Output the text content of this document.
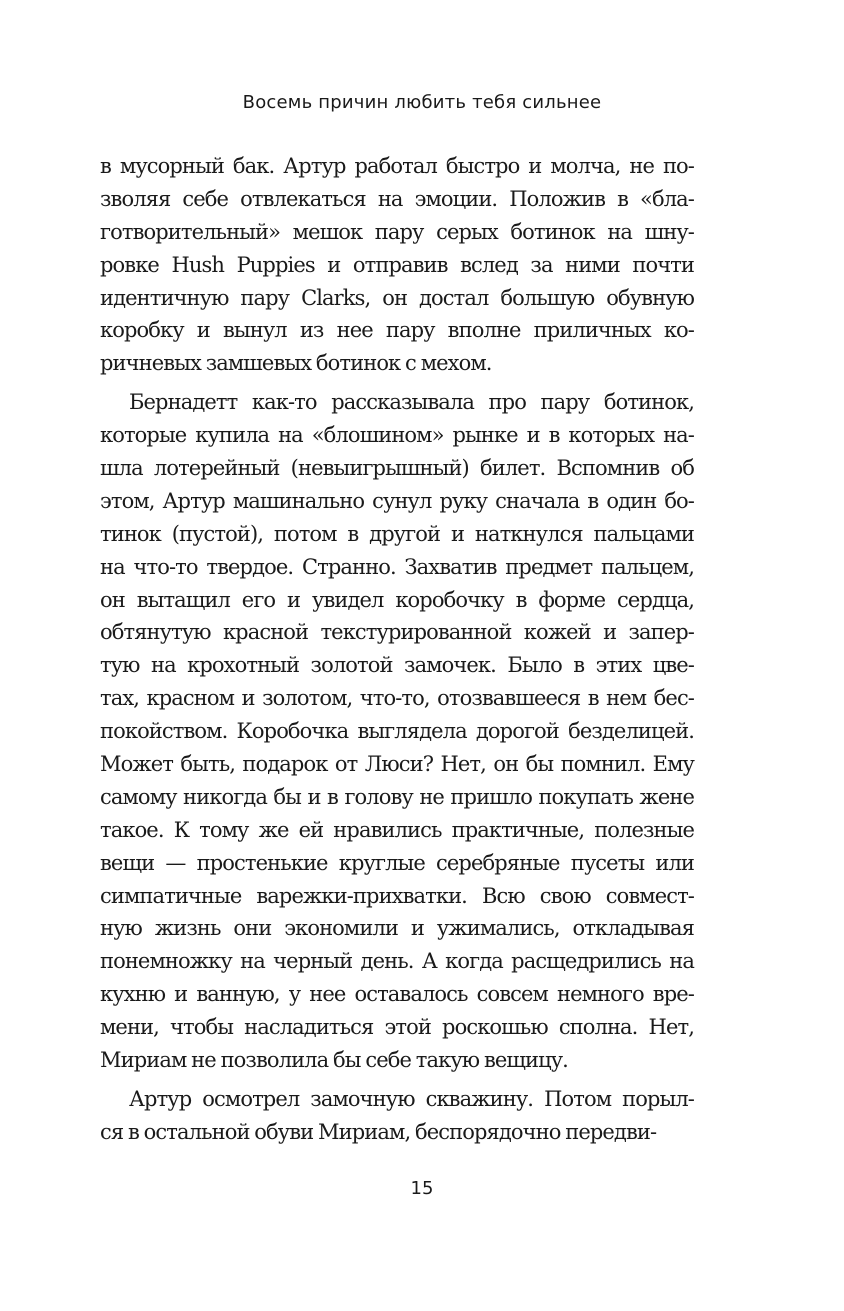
Восемь причин любить тебя сильнее
в мусорный бак. Артур работал быстро и молча, не по-
зволяя себе отвлекаться на эмоции. Положив в «бла-
готворительный» мешок пару серых ботинок на шну-
ровке Hush Puppies и отправив вслед за ними почти
идентичную пару Clarks, он достал большую обувную
коробку и вынул из нее пару вполне приличных ко-
ричневых замшевых ботинок с мехом.
Бернадетт как-то рассказывала про пару ботинок,
которые купила на «блошином» рынке и в которых на-
шла лотерейный (невыигрышный) билет. Вспомнив об
этом, Артур машинально сунул руку сначала в один бо-
тинок (пустой), потом в другой и наткнулся пальцами
на что-то твердое. Странно. Захватив предмет пальцем,
он вытащил его и увидел коробочку в форме сердца,
обтянутую красной текстурированной кожей и запер-
тую на крохотный золотой замочек. Было в этих цве-
тах, красном и золотом, что-то, отозвавшееся в нем бес-
покойством. Коробочка выглядела дорогой безделицей.
Может быть, подарок от Люси? Нет, он бы помнил. Ему
самому никогда бы и в голову не пришло покупать жене
такое. К тому же ей нравились практичные, полезные
вещи — простенькие круглые серебряные пусеты или
симпатичные варежки-прихватки. Всю свою совмест-
ную жизнь они экономили и ужимались, откладывая
понемножку на черный день. А когда расщедрились на
кухню и ванную, у нее оставалось совсем немного вре-
мени, чтобы насладиться этой роскошью сполна. Нет,
Мириам не позволила бы себе такую вещицу.
Артур осмотрел замочную скважину. Потом порыл-
ся в остальной обуви Мириам, беспорядочно передви-
15
